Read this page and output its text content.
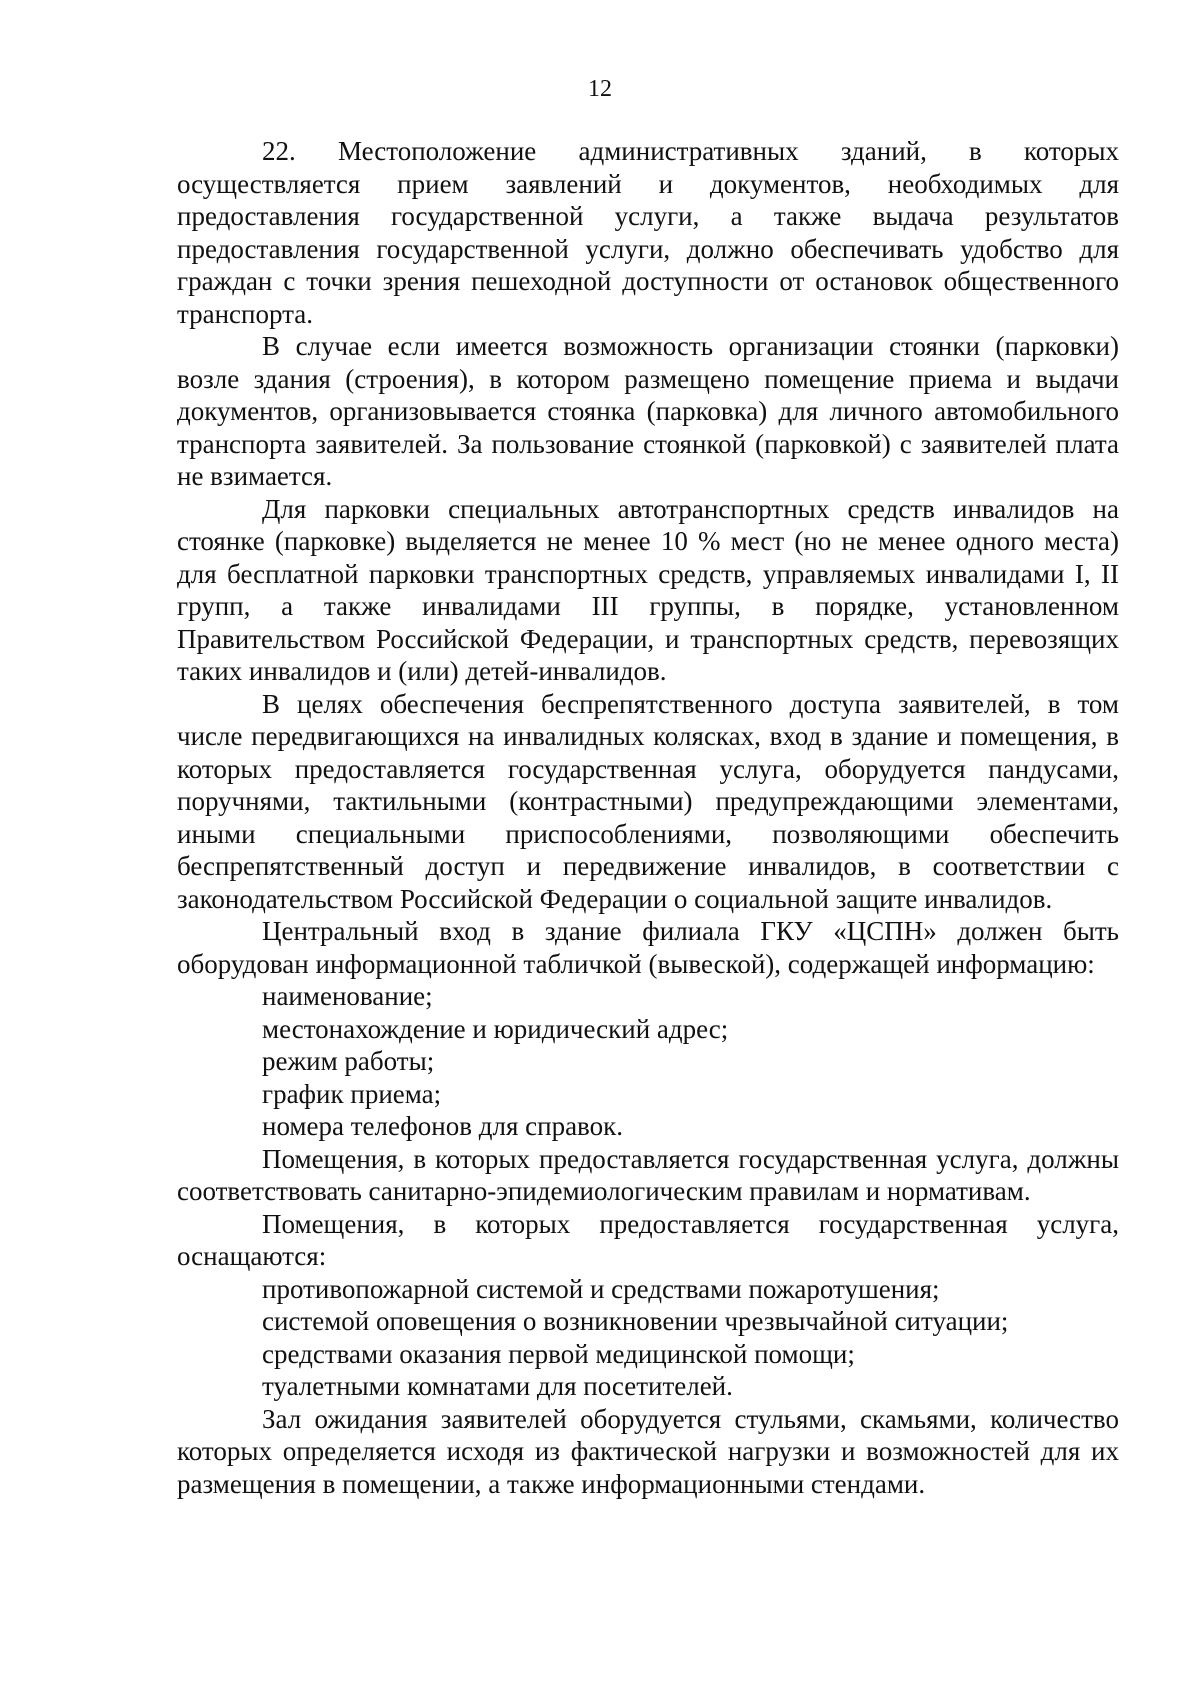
12

22. Местоположение административных зданий, в которых осуществляется прием заявлений и документов, необходимых для предоставления государственной услуги, а также выдача результатов предоставления государственной услуги, должно обеспечивать удобство для граждан с точки зрения пешеходной доступности от остановок общественного транспорта.

В случае если имеется возможность организации стоянки (парковки) возле здания (строения), в котором размещено помещение приема и выдачи документов, организовывается стоянка (парковка) для личного автомобильного транспорта заявителей. За пользование стоянкой (парковкой) с заявителей плата не взимается.

Для парковки специальных автотранспортных средств инвалидов на стоянке (парковке) выделяется не менее 10 % мест (но не менее одного места) для бесплатной парковки транспортных средств, управляемых инвалидами I, II групп, а также инвалидами III группы, в порядке, установленном Правительством Российской Федерации, и транспортных средств, перевозящих таких инвалидов и (или) детей-инвалидов.

В целях обеспечения беспрепятственного доступа заявителей, в том числе передвигающихся на инвалидных колясках, вход в здание и помещения, в которых предоставляется государственная услуга, оборудуется пандусами, поручнями, тактильными (контрастными) предупреждающими элементами, иными специальными приспособлениями, позволяющими обеспечить беспрепятственный доступ и передвижение инвалидов, в соответствии с законодательством Российской Федерации о социальной защите инвалидов.

Центральный вход в здание филиала ГКУ «ЦСПН» должен быть оборудован информационной табличкой (вывеской), содержащей информацию:

наименование;

местонахождение и юридический адрес;

режим работы;

график приема;

номера телефонов для справок.

Помещения, в которых предоставляется государственная услуга, должны соответствовать санитарно-эпидемиологическим правилам и нормативам.

Помещения, в которых предоставляется государственная услуга, оснащаются:

противопожарной системой и средствами пожаротушения;

системой оповещения о возникновении чрезвычайной ситуации;

средствами оказания первой медицинской помощи;

туалетными комнатами для посетителей.

Зал ожидания заявителей оборудуется стульями, скамьями, количество которых определяется исходя из фактической нагрузки и возможностей для их размещения в помещении, а также информационными стендами.
